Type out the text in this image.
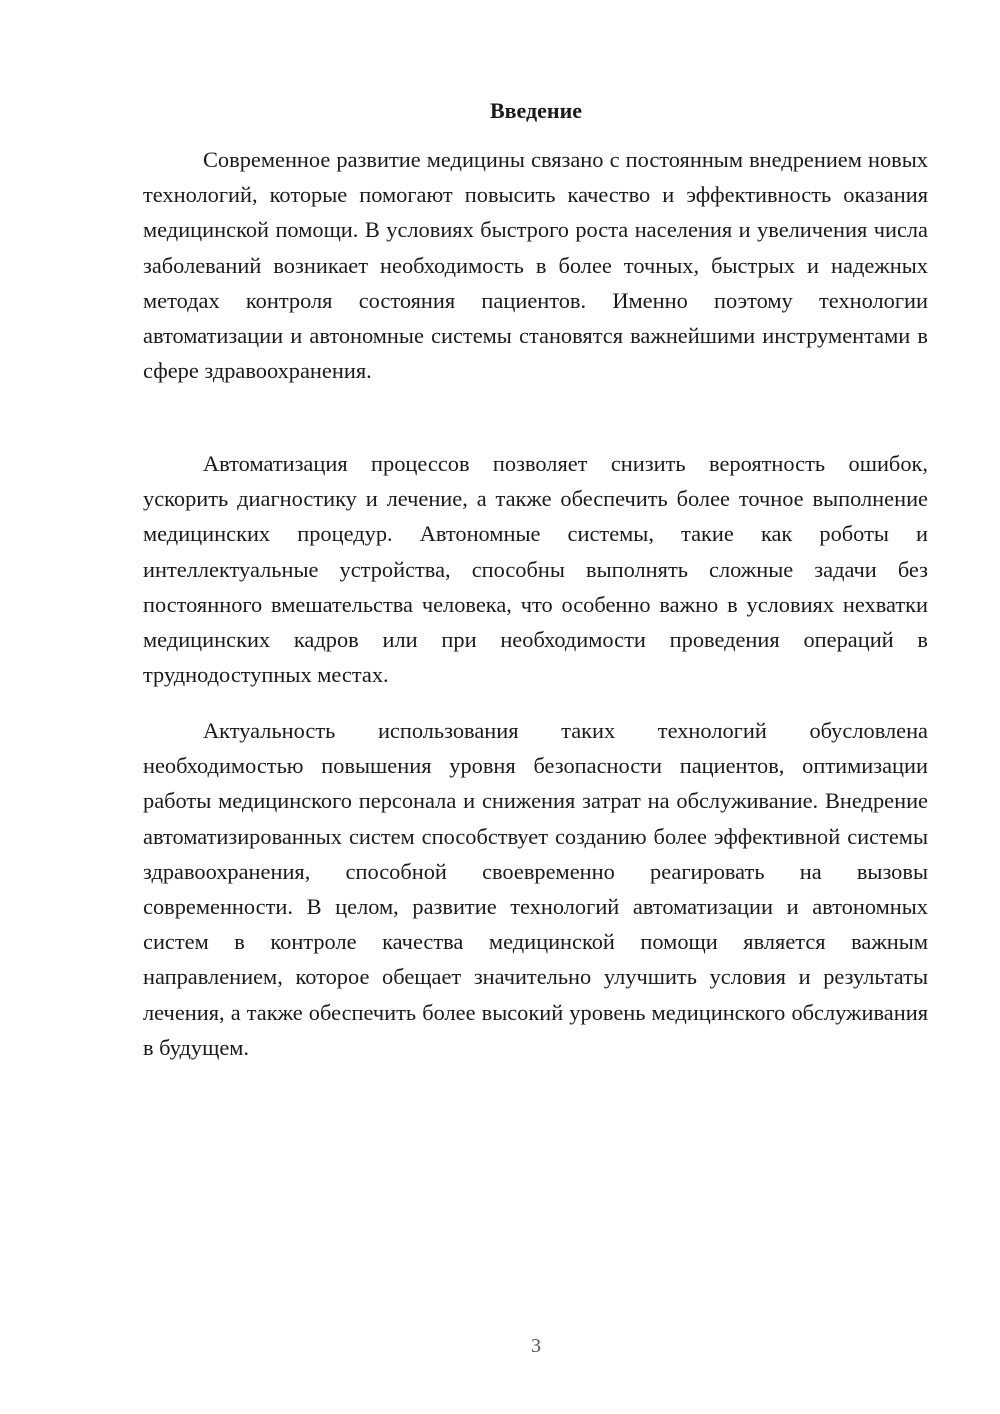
Введение

Современное развитие медицины связано с постоянным внедрением новых технологий, которые помогают повысить качество и эффективность оказания медицинской помощи. В условиях быстрого роста населения и увеличения числа заболеваний возникает необходимость в более точных, быстрых и надежных методах контроля состояния пациентов. Именно поэтому технологии автоматизации и автономные системы становятся важнейшими инструментами в сфере здравоохранения.

Автоматизация процессов позволяет снизить вероятность ошибок, ускорить диагностику и лечение, а также обеспечить более точное выполнение медицинских процедур. Автономные системы, такие как роботы и интеллектуальные устройства, способны выполнять сложные задачи без постоянного вмешательства человека, что особенно важно в условиях нехватки медицинских кадров или при необходимости проведения операций в труднодоступных местах.

Актуальность использования таких технологий обусловлена необходимостью повышения уровня безопасности пациентов, оптимизации работы медицинского персонала и снижения затрат на обслуживание. Внедрение автоматизированных систем способствует созданию более эффективной системы здравоохранения, способной своевременно реагировать на вызовы современности. В целом, развитие технологий автоматизации и автономных систем в контроле качества медицинской помощи является важным направлением, которое обещает значительно улучшить условия и результаты лечения, а также обеспечить более высокий уровень медицинского обслуживания в будущем.

3
